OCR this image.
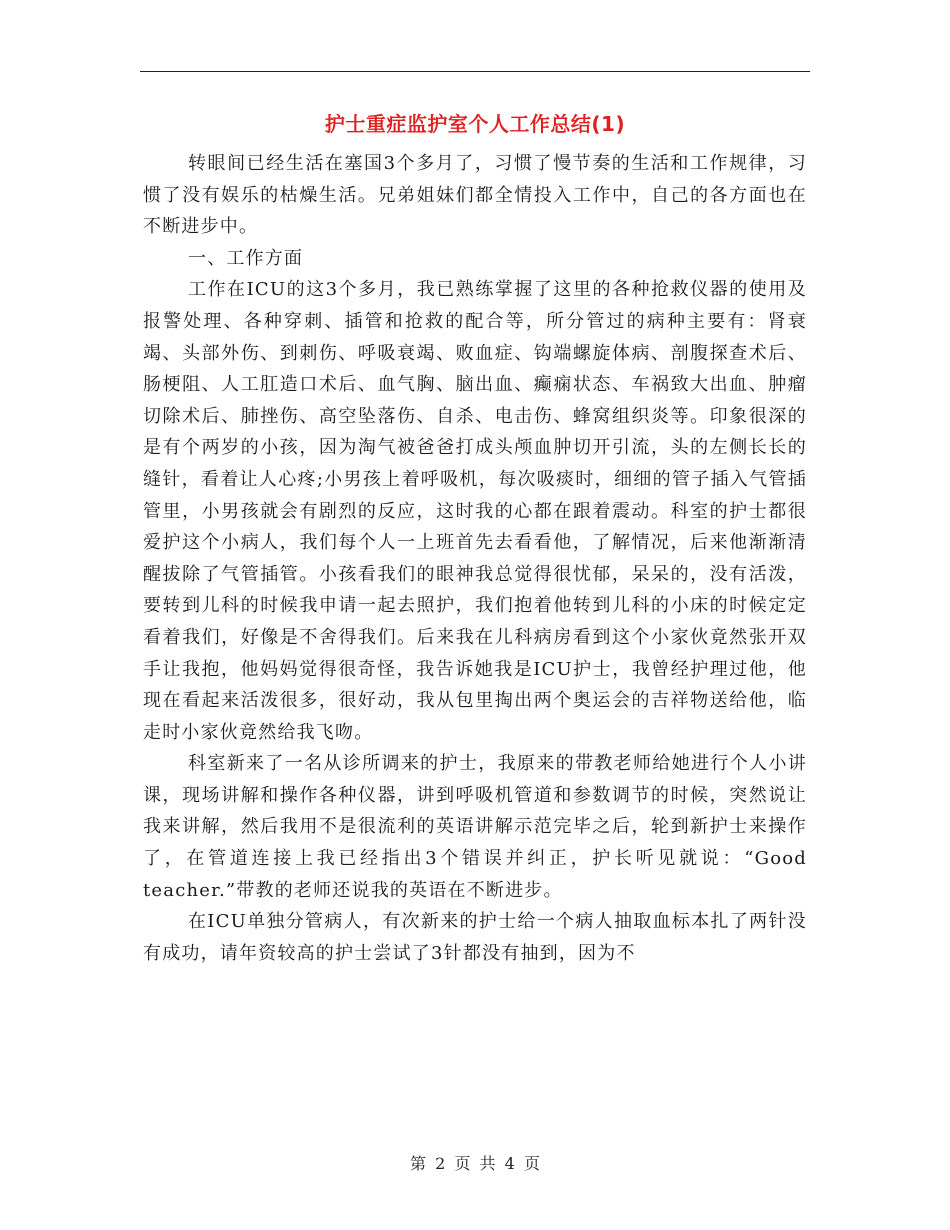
护士重症监护室个人工作总结(1)

转眼间已经生活在塞国3个多月了，习惯了慢节奏的生活和工作规律，习惯了没有娱乐的枯燥生活。兄弟姐妹们都全情投入工作中，自己的各方面也在不断进步中。

一、工作方面

工作在ICU的这3个多月，我已熟练掌握了这里的各种抢救仪器的使用及报警处理、各种穿刺、插管和抢救的配合等，所分管过的病种主要有：肾衰竭、头部外伤、到刺伤、呼吸衰竭、败血症、钩端螺旋体病、剖腹探查术后、肠梗阻、人工肛造口术后、血气胸、脑出血、癫痫状态、车祸致大出血、肿瘤切除术后、肺挫伤、高空坠落伤、自杀、电击伤、蜂窝组织炎等。印象很深的是有个两岁的小孩，因为淘气被爸爸打成头颅血肿切开引流，头的左侧长长的缝针，看着让人心疼;小男孩上着呼吸机，每次吸痰时，细细的管子插入气管插管里，小男孩就会有剧烈的反应，这时我的心都在跟着震动。科室的护士都很爱护这个小病人，我们每个人一上班首先去看看他，了解情况，后来他渐渐清醒拔除了气管插管。小孩看我们的眼神我总觉得很忧郁，呆呆的，没有活泼，要转到儿科的时候我申请一起去照护，我们抱着他转到儿科的小床的时候定定看着我们，好像是不舍得我们。后来我在儿科病房看到这个小家伙竟然张开双手让我抱，他妈妈觉得很奇怪，我告诉她我是ICU护士，我曾经护理过他，他现在看起来活泼很多，很好动，我从包里掏出两个奥运会的吉祥物送给他，临走时小家伙竟然给我飞吻。

科室新来了一名从诊所调来的护士，我原来的带教老师给她进行个人小讲课，现场讲解和操作各种仪器，讲到呼吸机管道和参数调节的时候，突然说让我来讲解，然后我用不是很流利的英语讲解示范完毕之后，轮到新护士来操作了，在管道连接上我已经指出3个错误并纠正，护长听见就说：“Good teacher.”带教的老师还说我的英语在不断进步。

在ICU单独分管病人，有次新来的护士给一个病人抽取血标本扎了两针没有成功，请年资较高的护士尝试了3针都没有抽到，因为不

第 2 页 共 4 页
